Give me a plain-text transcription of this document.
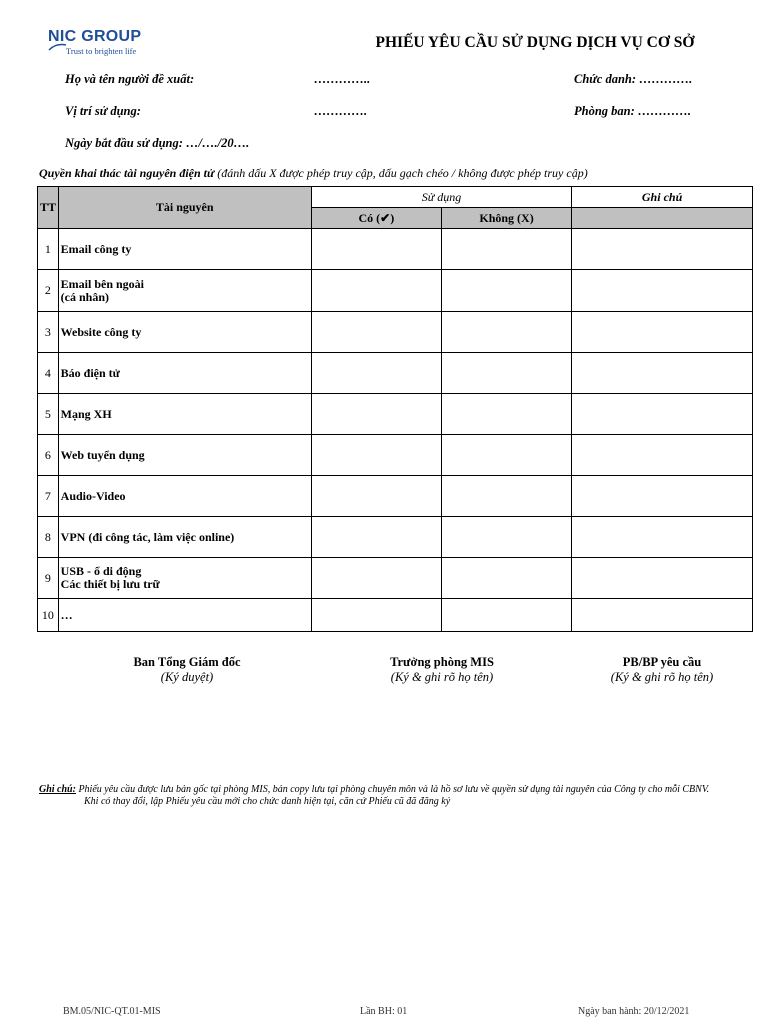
NIC GROUP
Trust to brighten life	PHIẾU YÊU CẦU SỬ DỤNG DỊCH VỤ CƠ SỞ
Họ và tên người đề xuất:	…………..	Chức danh: ………….
Vị trí sử dụng:	………….	Phòng ban: ………….
Ngày bắt đầu sử dụng: …/…./20….
Quyền khai thác tài nguyên điện tử (đánh dấu X được phép truy cập, dấu gạch chéo / không được phép truy cập)
TT	Tài nguyên	Sử dụng		Ghi chú
		Có (✔)	Không (X)	
1	Email công ty			

2	Email bên ngoài
(cá nhân)			

3	Website công ty			

4	Báo điện tử			

5	Mạng XH			

6	Web tuyển dụng			

7	Audio-Video			

8	VPN (đi công tác, làm việc online)			

9	USB - ổ di động
Các thiết bị lưu trữ			

10	…			

Ban Tổng Giám đốc
(Ký duyệt)
Trưởng phòng MIS
(Ký & ghi rõ họ tên)
PB/BP yêu cầu
(Ký & ghi rõ họ tên)
Ghi chú: Phiếu yêu cầu được lưu bản gốc tại phòng MIS, bản copy lưu tại phòng chuyên môn và là hồ sơ lưu về quyền sử dụng tài nguyên của Công ty cho mỗi CBNV.
Khi có thay đổi, lập Phiếu yêu cầu mới cho chức danh hiện tại, căn cứ Phiếu cũ đã đăng ký
BM.05/NIC-QT.01-MIS	Lần BH: 01	Ngày ban hành: 20/12/2021
